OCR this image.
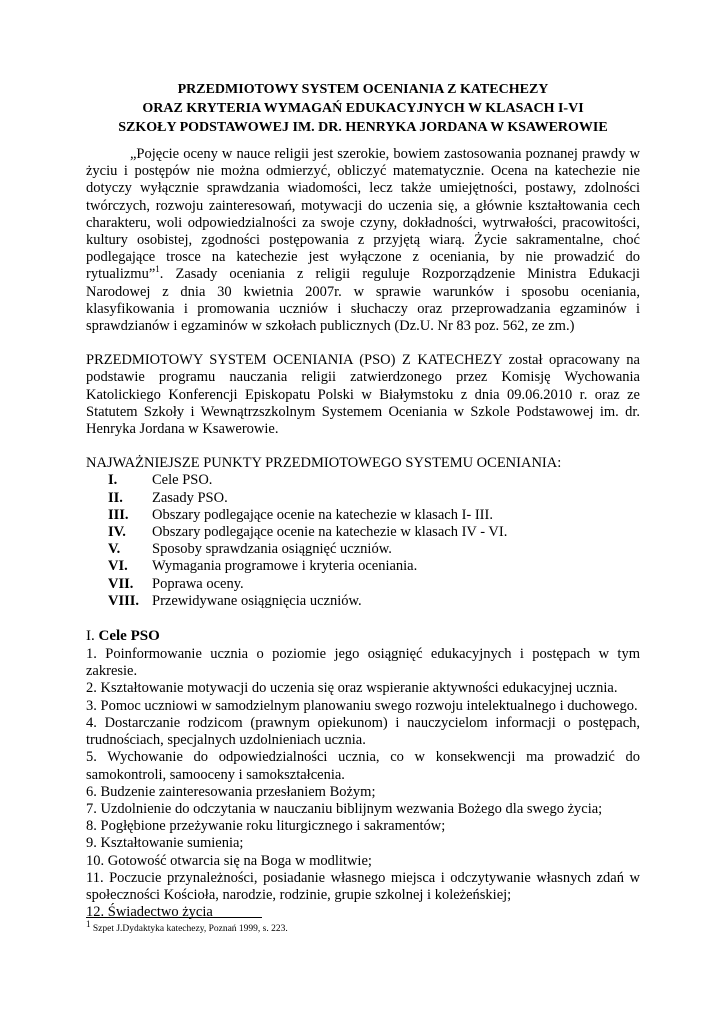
PRZEDMIOTOWY SYSTEM OCENIANIA Z KATECHEZY
ORAZ KRYTERIA WYMAGAŃ EDUKACYJNYCH W KLASACH I-VI
SZKOŁY PODSTAWOWEJ IM. DR. HENRYKA JORDANA W KSAWEROWIE

„Pojęcie oceny w nauce religii jest szerokie, bowiem zastosowania poznanej prawdy w życiu i postępów nie można odmierzyć, obliczyć matematycznie. Ocena na katechezie nie dotyczy wyłącznie sprawdzania wiadomości, lecz także umiejętności, postawy, zdolności twórczych, rozwoju zainteresowań, motywacji do uczenia się, a głównie kształtowania cech charakteru, woli odpowiedzialności za swoje czyny, dokładności, wytrwałości, pracowitości, kultury osobistej, zgodności postępowania z przyjętą wiarą. Życie sakramentalne, choć podlegające trosce na katechezie jest wyłączone z oceniania, by nie prowadzić do rytualizmu”$^1$. Zasady oceniania z religii reguluje Rozporządzenie Ministra Edukacji Narodowej z dnia 30 kwietnia 2007r. w sprawie warunków i sposobu oceniania, klasyfikowania i promowania uczniów i słuchaczy oraz przeprowadzania egzaminów i sprawdzianów i egzaminów w szkołach publicznych (Dz.U. Nr 83 poz. 562, ze zm.)

PRZEDMIOTOWY SYSTEM OCENIANIA (PSO) Z KATECHEZY został opracowany na podstawie programu nauczania religii zatwierdzonego przez Komisję Wychowania Katolickiego Konferencji Episkopatu Polski w Białymstoku z dnia 09.06.2010 r. oraz ze Statutem Szkoły i Wewnątrzszkolnym Systemem Oceniania w Szkole Podstawowej im. dr. Henryka Jordana w Ksawerowie.

NAJWAŻNIEJSZE PUNKTY PRZEDMIOTOWEGO SYSTEMU OCENIANIA:
I.	Cele PSO.
II.	Zasady PSO.
III.	Obszary podlegające ocenie na katechezie w klasach I- III.
IV.	Obszary podlegające ocenie na katechezie w klasach IV - VI.
V.	Sposoby sprawdzania osiągnięć uczniów.
VI.	Wymagania programowe i kryteria oceniania.
VII.	Poprawa oceny.
VIII. Przewidywane osiągnięcia uczniów.
I. Cele PSO

1. Poinformowanie ucznia o poziomie jego osiągnięć edukacyjnych i postępach w tym zakresie.

2. Kształtowanie motywacji do uczenia się oraz wspieranie aktywności edukacyjnej ucznia.

3. Pomoc uczniowi w samodzielnym planowaniu swego rozwoju intelektualnego i duchowego.

4. Dostarczanie rodzicom (prawnym opiekunom) i nauczycielom informacji o postępach, trudnościach, specjalnych uzdolnieniach ucznia.

5. Wychowanie do odpowiedzialności ucznia, co w konsekwencji ma prowadzić do samokontroli, samooceny i samokształcenia.

6. Budzenie zainteresowania przesłaniem Bożym;

7. Uzdolnienie do odczytania w nauczaniu biblijnym wezwania Bożego dla swego życia;

8. Pogłębione przeżywanie roku liturgicznego i sakramentów;

9. Kształtowanie sumienia;

10. Gotowość otwarcia się na Boga w modlitwie;

11. Poczucie przynależności, posiadanie własnego miejsca i odczytywanie własnych zdań w społeczności Kościoła, narodzie, rodzinie, grupie szkolnej i koleżeńskiej;

12. Świadectwo życia

$^1$ Szpet J.Dydaktyka katechezy, Poznań 1999, s. 223.
